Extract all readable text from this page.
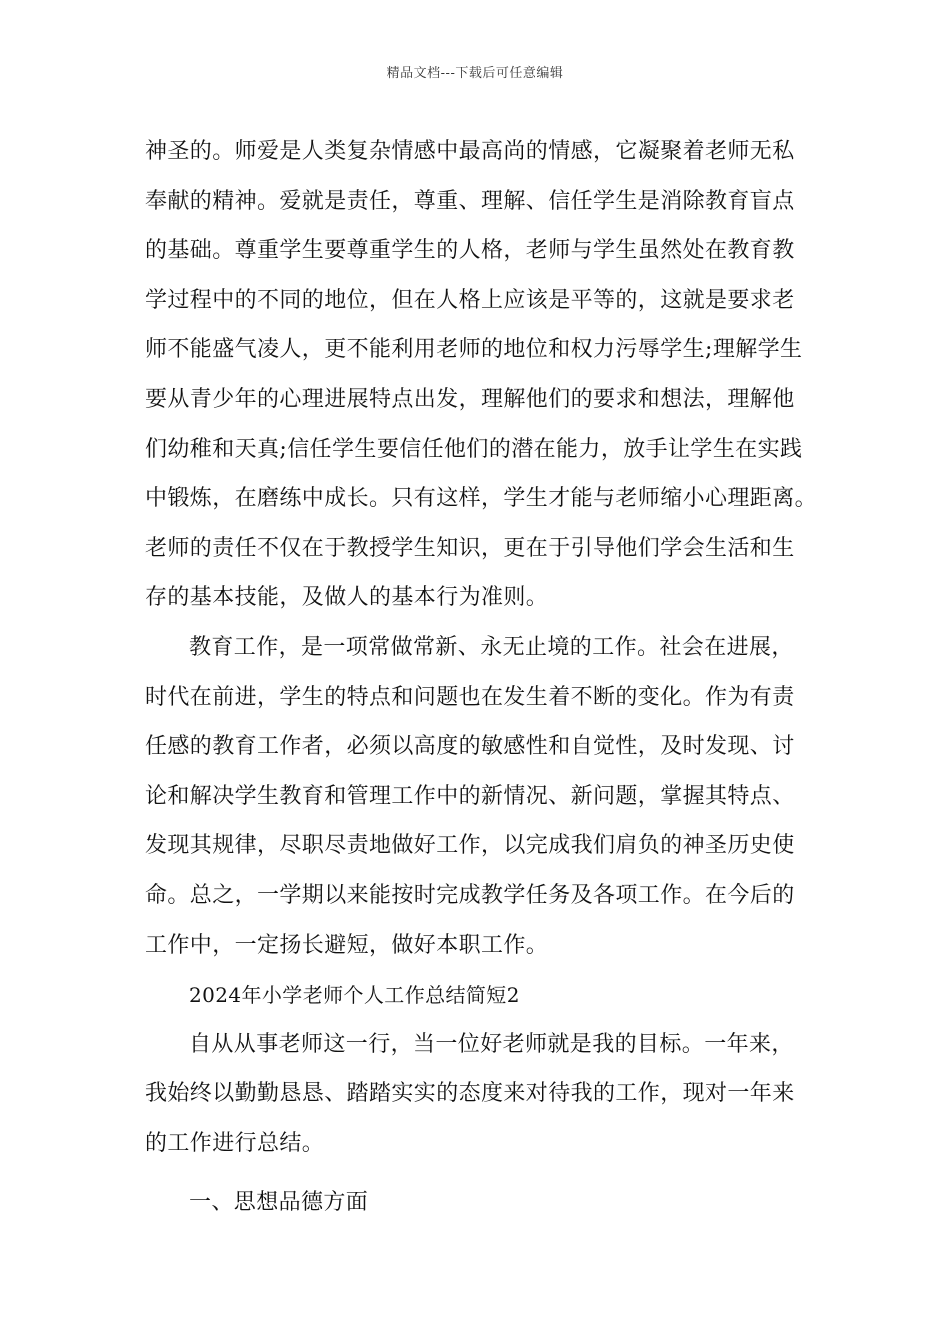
精品文档---下载后可任意编辑
神圣的。师爱是人类复杂情感中最高尚的情感，它凝聚着老师无私
奉献的精神。爱就是责任，尊重、理解、信任学生是消除教育盲点
的基础。尊重学生要尊重学生的人格，老师与学生虽然处在教育教
学过程中的不同的地位，但在人格上应该是平等的，这就是要求老
师不能盛气凌人，更不能利用老师的地位和权力污辱学生;理解学生
要从青少年的心理进展特点出发，理解他们的要求和想法，理解他
们幼稚和天真;信任学生要信任他们的潜在能力，放手让学生在实践
中锻炼，在磨练中成长。只有这样，学生才能与老师缩小心理距离。
老师的责任不仅在于教授学生知识，更在于引导他们学会生活和生
存的基本技能，及做人的基本行为准则。
教育工作，是一项常做常新、永无止境的工作。社会在进展，
时代在前进，学生的特点和问题也在发生着不断的变化。作为有责
任感的教育工作者，必须以高度的敏感性和自觉性，及时发现、讨
论和解决学生教育和管理工作中的新情况、新问题，掌握其特点、
发现其规律，尽职尽责地做好工作，以完成我们肩负的神圣历史使
命。总之，一学期以来能按时完成教学任务及各项工作。在今后的
工作中，一定扬长避短，做好本职工作。
2024年小学老师个人工作总结简短2
自从从事老师这一行，当一位好老师就是我的目标。一年来，
我始终以勤勤恳恳、踏踏实实的态度来对待我的工作，现对一年来
的工作进行总结。
一、思想品德方面
